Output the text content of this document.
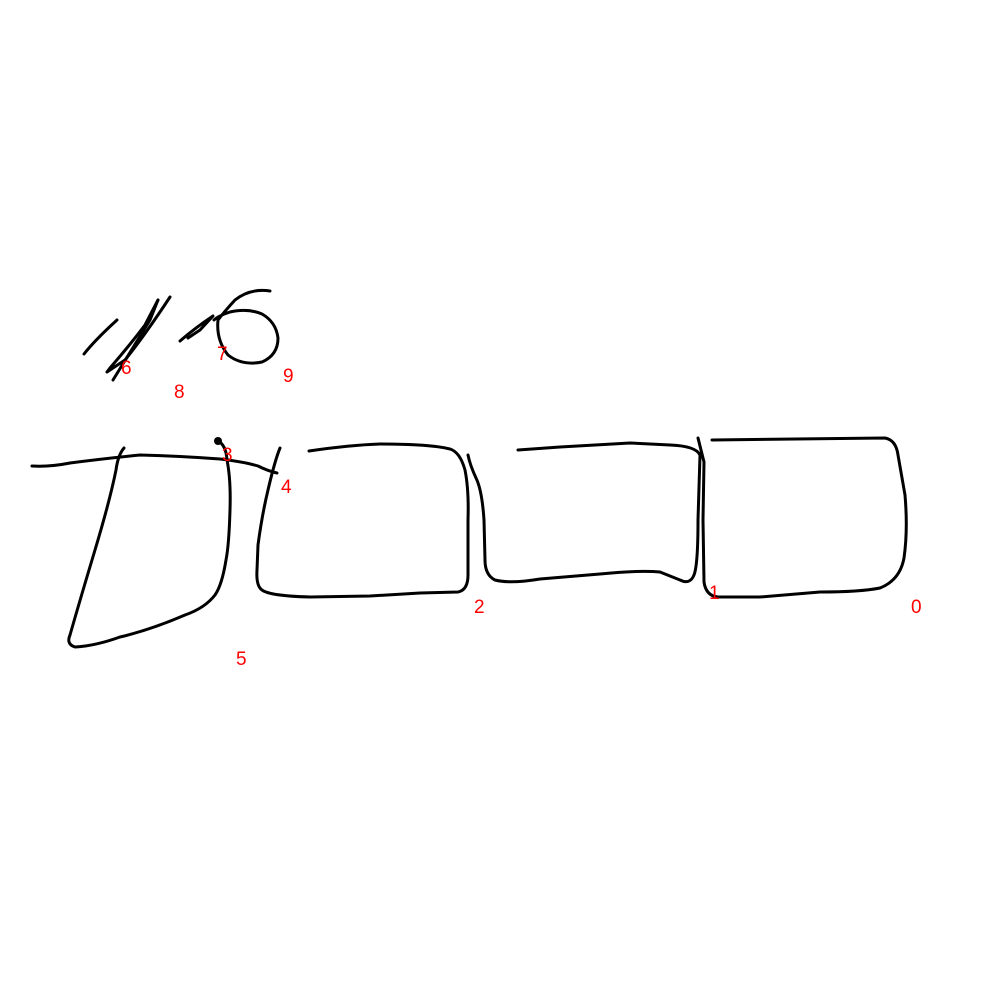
0
1
2
3
4
5
6
7
8
9
